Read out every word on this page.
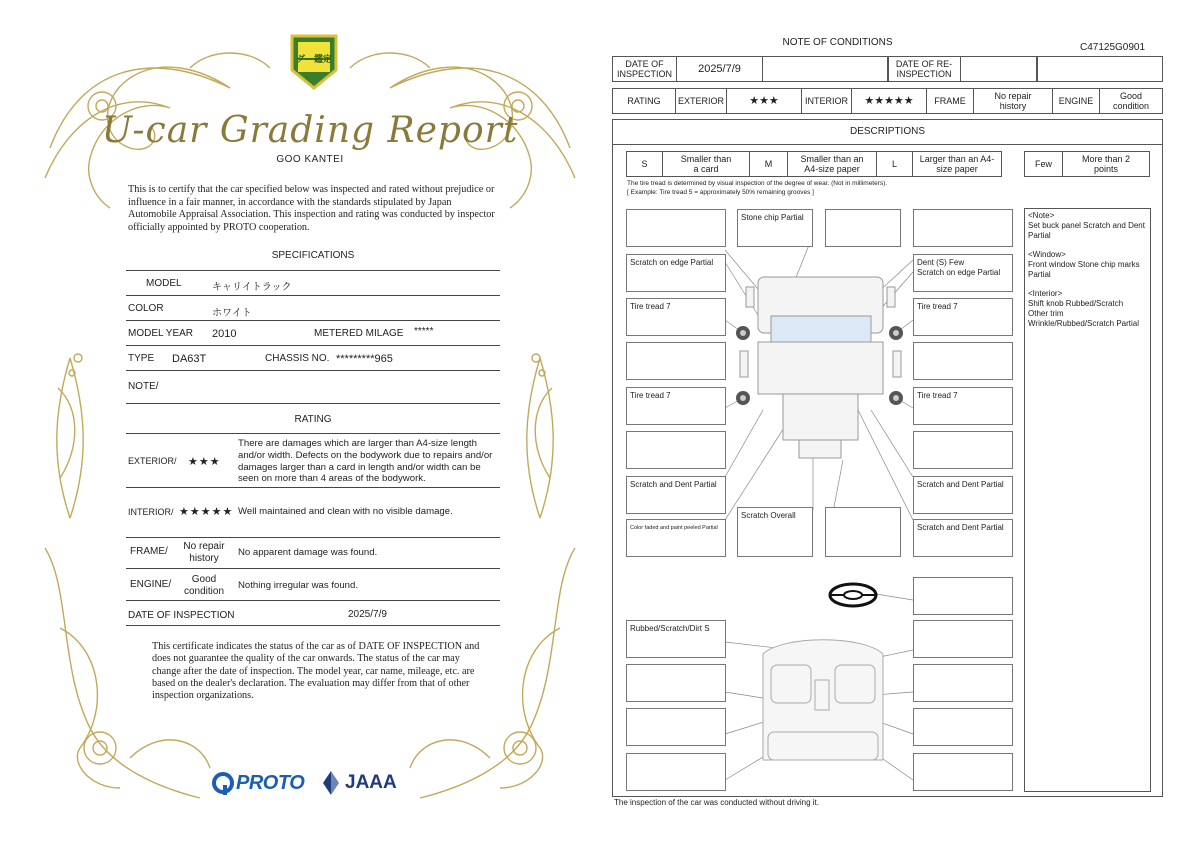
グー鑑定
U-car Grading Report
GOO KANTEI
This is to certify that the car specified below was inspected and rated without prejudice or influence in a fair manner, in accordance with the standards stipulated by Japan Automobile Appraisal Association. This inspection and rating was conducted by inspector officially appointed by PROTO cooperation.
SPECIFICATIONS
MODEL	キャリイトラック
COLOR	ホワイト
MODEL YEAR 2010	METERED MILAGE *****
TYPE DA63T	CHASSIS NO. *********965
NOTE/
RATING
EXTERIOR/ ★★★
There are damages which are larger than A4-size length and/or width. Defects on the bodywork due to repairs and/or damages larger than a card in length and/or width can be seen on more than 4 areas of the bodywork.
INTERIOR/ ★★★★★ Well maintained and clean with no visible damage.
FRAME/	No repair history
No apparent damage was found.
ENGINE/	Good condition
Nothing irregular was found.
DATE OF INSPECTION	2025/7/9
This certificate indicates the status of the car as of DATE OF INSPECTION and does not guarantee the quality of the car onwards. The status of the car may change after the date of inspection. The model year, car name, mileage, etc. are based on the dealer's declaration. The evaluation may differ from that of other inspection organizations.
PROTO JAAA
NOTE OF CONDITIONS	C47125G0901
DATE OF INSPECTION	2025/7/9	DATE OF RE-INSPECTION
RATING	EXTERIOR	★★★	INTERIOR	★★★★★	FRAME	No repair history	ENGINE	Good condition
DESCRIPTIONS
S	Smaller than a card	M	Smaller than an A4-size paper	L	Larger than an A4-size paper	Few	More than 2 points
The tire tread is determined by visual inspection of the degree of wear. (Not in millimeters).
[ Example: Tire tread 5 = approximately 50% remaining grooves ]
<Note>
Set buck panel Scratch and Dent Partial
<Window>
Front window Stone chip marks Partial
<Interior>
Shift knob Rubbed/Scratch
Other trim
Wrinkle/Rubbed/Scratch Partial
Stone chip Partial
Scratch on edge Partial
Tire tread 7
Tire tread 7
Scratch and Dent Partial
Color faded and paint peeled Partial
Dent (S) Few
Scratch on edge Partial
Tire tread 7
Tire tread 7
Scratch and Dent Partial
Scratch and Dent Partial
Scratch Overall
Rubbed/Scratch/Dirt S
The inspection of the car was conducted without driving it.
